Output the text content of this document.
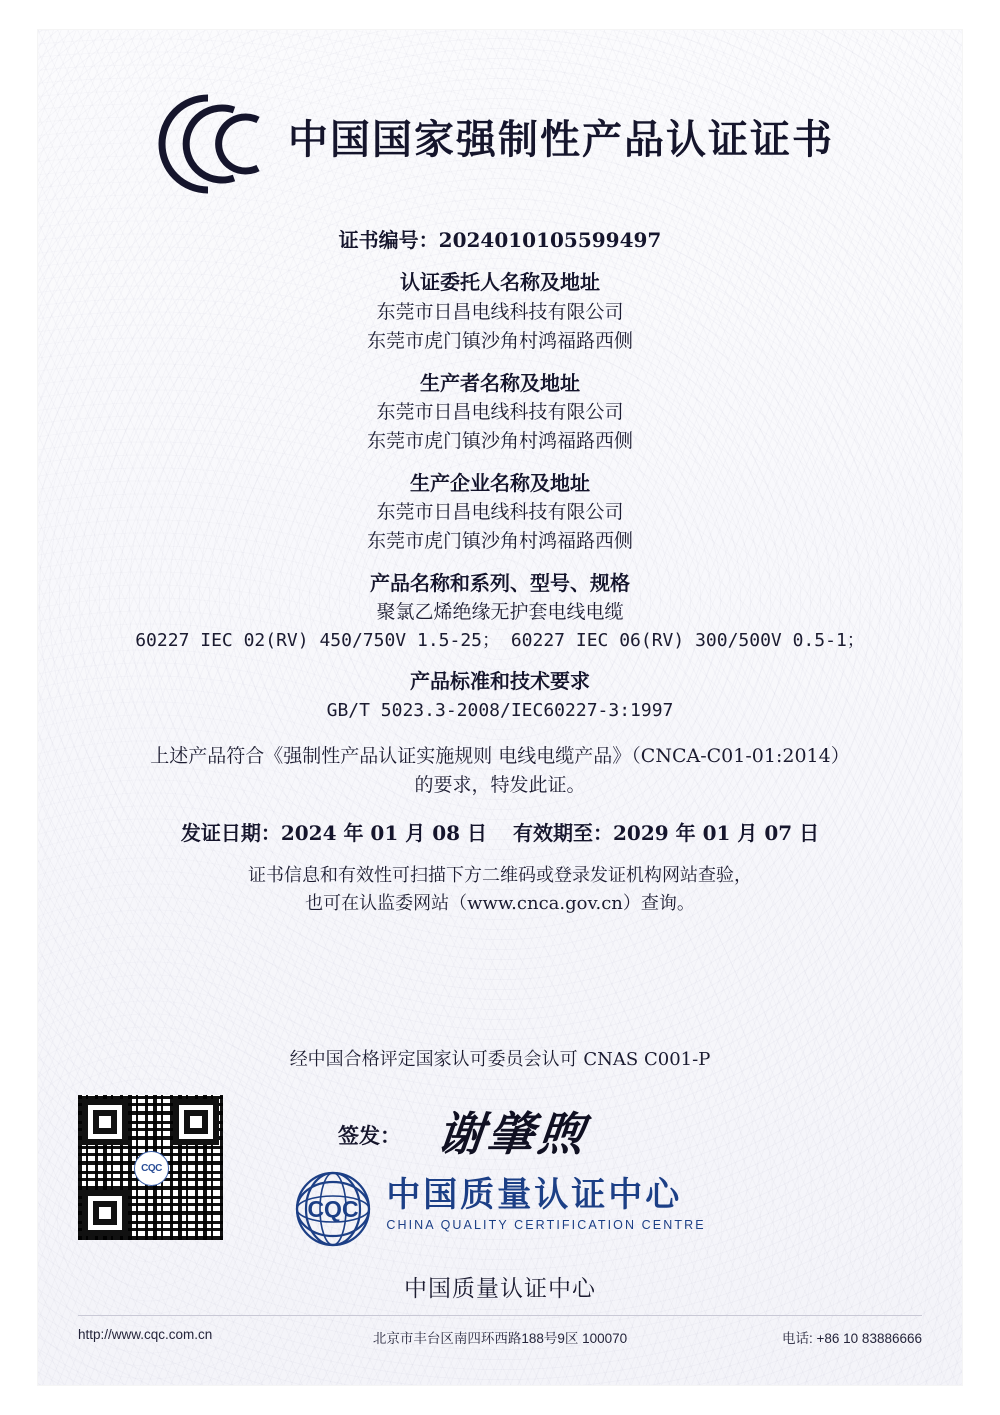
中国国家强制性产品认证证书
证书编号：2024010105599497
认证委托人名称及地址
东莞市日昌电线科技有限公司
东莞市虎门镇沙角村鸿福路西侧
生产者名称及地址
东莞市日昌电线科技有限公司
东莞市虎门镇沙角村鸿福路西侧
生产企业名称及地址
东莞市日昌电线科技有限公司
东莞市虎门镇沙角村鸿福路西侧
产品名称和系列、型号、规格
聚氯乙烯绝缘无护套电线电缆
60227 IEC 02(RV) 450/750V 1.5-25； 60227 IEC 06(RV) 300/500V 0.5-1；
产品标准和技术要求
GB/T 5023.3-2008/IEC60227-3:1997
上述产品符合《强制性产品认证实施规则 电线电缆产品》（CNCA-C01-01:2014）
的要求，特发此证。
发证日期：2024 年 01 月 08 日 有效期至：2029 年 01 月 07 日
证书信息和有效性可扫描下方二维码或登录发证机构网站查验，
也可在认监委网站（www.cnca.gov.cn）查询。
经中国合格评定国家认可委员会认可 CNAS C001-P
签发： 谢肇煦
CQC
CQC 中国质量认证中心
CHINA QUALITY CERTIFICATION CENTRE
中国质量认证中心
http://www.cqc.com.cn	北京市丰台区南四环西路188号9区 100070	电话: +86 10 83886666
